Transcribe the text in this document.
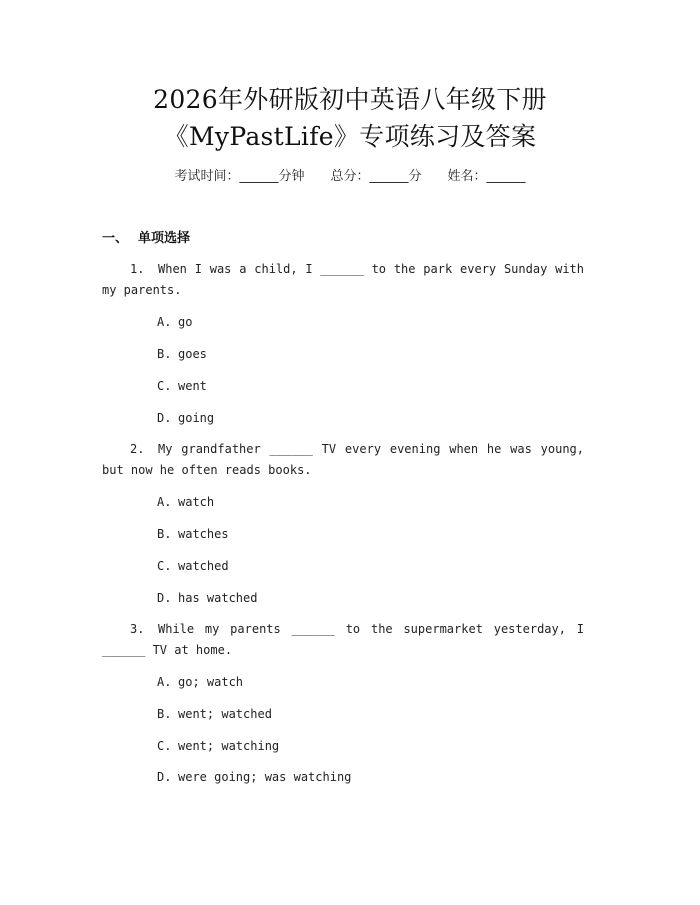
2026年外研版初中英语八年级下册
《MyPastLife》专项练习及答案
考试时间：______分钟 总分：______分 姓名：______
一、 单项选择
1. When I was a child, I ______ to the park every Sunday with my parents.
A. go
B. goes
C. went
D. going
2. My grandfather ______ TV every evening when he was young, but now he often reads books.
A. watch
B. watches
C. watched
D. has watched
3. While my parents ______ to the supermarket yesterday, I ______ TV at home.
A. go; watch
B. went; watched
C. went; watching
D. were going; was watching
